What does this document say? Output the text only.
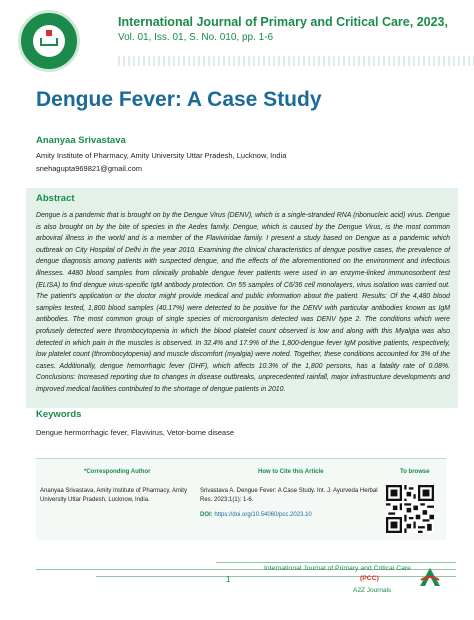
International Journal of Primary and Critical Care, 2023,
Vol. 01, Iss. 01, S. No. 010, pp. 1-6
Dengue Fever: A Case Study
Ananyaa Srivastava
Amity Institute of Pharmacy, Amity University Uttar Pradesh, Lucknow, India
snehagupta969821@gmail.com
Abstract

Dengue is a pandemic that is brought on by the Dengue Virus (DENV), which is a single-stranded RNA (ribonucleic acid) virus. Dengue is also brought on by the bite of species in the Aedes family. Dengue, which is caused by the Dengue Virus, is the most common arboviral illness in the world and is a member of the Flaviviridae family. I present a study based on Dengue as a pandemic which outbreak on City Hospital of Delhi in the year 2010. Examining the clinical characteristics of dengue positive cases, the prevalence of dengue diagnosis among patients with suspected dengue, and the effects of the aforementioned on the environment and infectious illnesses. 4480 blood samples from clinically probable dengue fever patients were used in an enzyme-linked immunosorbent test (ELISA) to find dengue virus-specific IgM antibody protection. On 55 samples of C6/36 cell monolayers, virus isolation was carried out. The patient's application or the doctor might provide medical and public information about the patient. Results: Of the 4,480 blood samples tested, 1,800 blood samples (40.17%) were detected to be positive for the DENV with particular antibodies known as IgM antibodies. The most common group of single species of microorganism detected was DENV type 2. The conditions which were profusely detected were thrombocytopenia in which the blood platelet count observed is low and along with this Myalgia was also detected in which pain in the muscles is observed. In 32.4% and 17.9% of the 1,800-dengue fever IgM positive patients, respectively, low platelet count (thrombocytopenia) and muscle discomfort (myalgia) were noted. Together, these conditions accounted for 3% of the cases. Additionally, dengue hemorrhagic fever (DHF), which affects 10.3% of the 1,800 persons, has a fatality rate of 0.08%. Conclusions: Increased reporting due to changes in disease outbreaks, unprecedented rainfall, major infrastructure developments and improved medical facilities contributed to the shortage of dengue patients in 2010.

Keywords
Dengue hermorrhagic fever, Flavivirus, Vetor-borne disease
*Corresponding Author
Ananyaa Srivastava, Amity Institute of Pharmacy, Amity University Uttar Pradesh, Lucknow, India.
How to Cite this Article
Srivastava A. Dengue Fever: A Case Study. Int. J. Ayurveda Herbal Res. 2023;1(1): 1-6.
DOI: https://doi.org/10.54060/pcc.2023.10
To browse
1
International Journal of Primary and Critical Care
(PCC)
A2Z Journals
